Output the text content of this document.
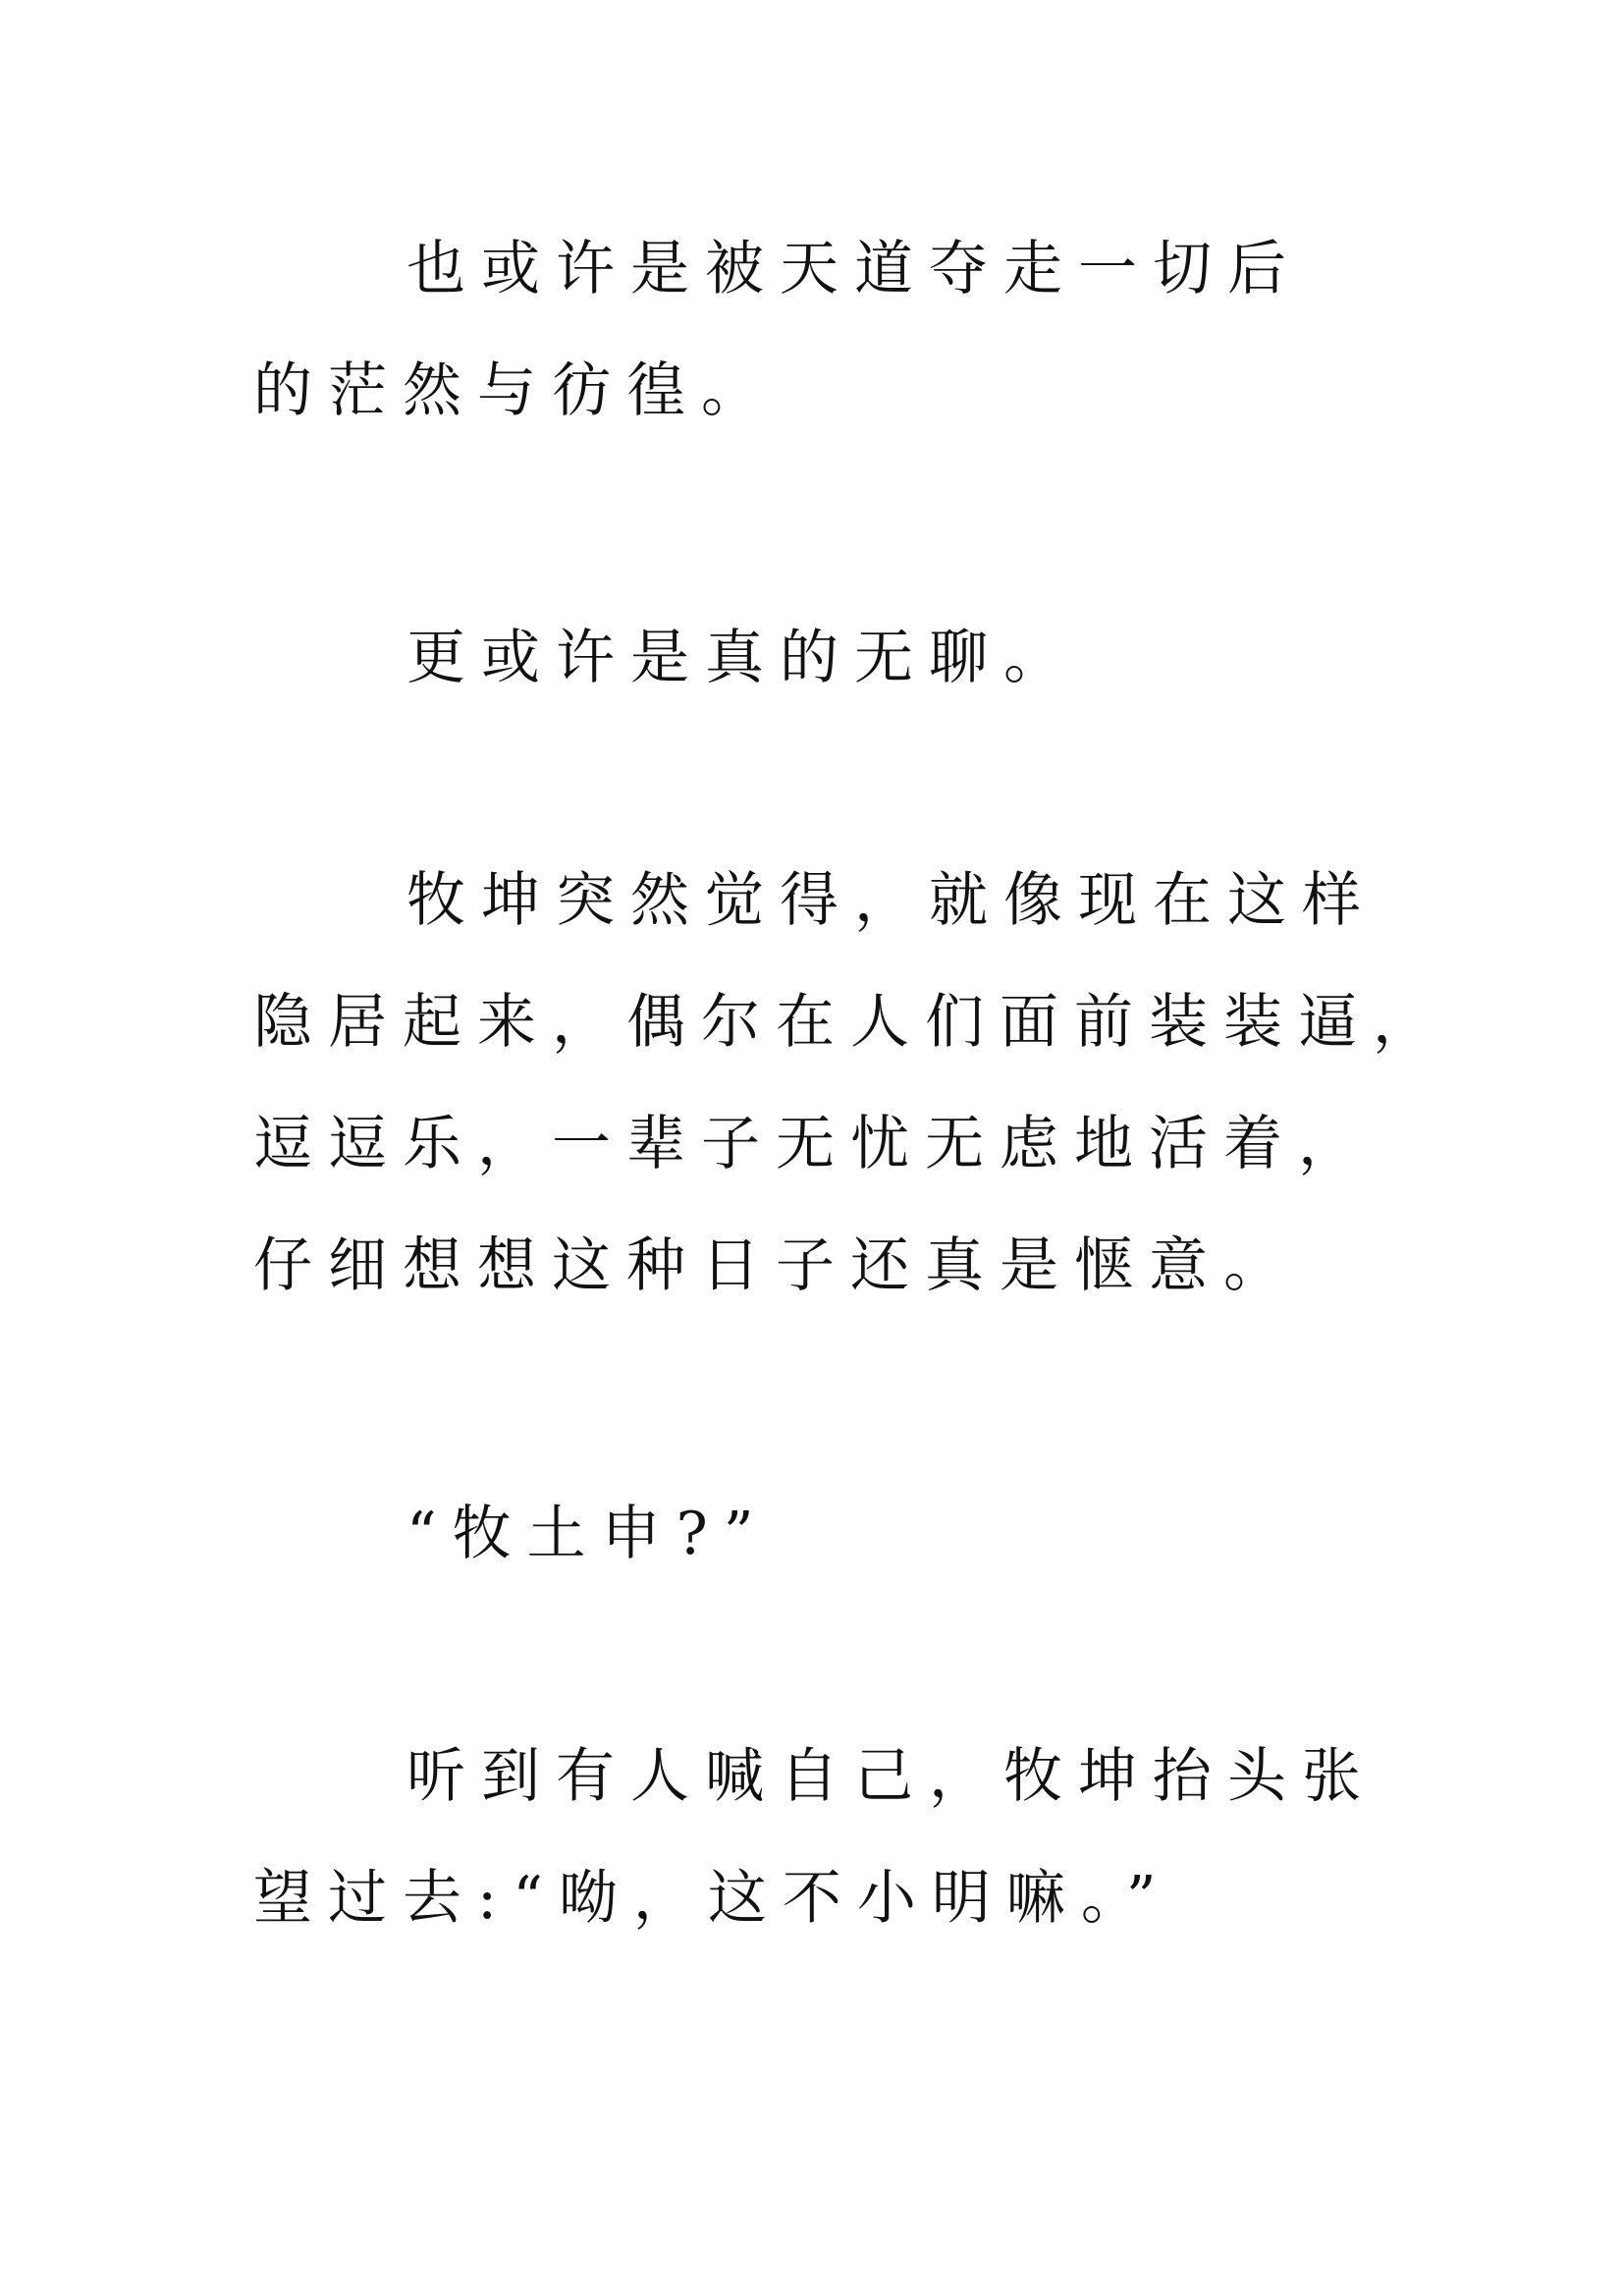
也或许是被天道夺走一切后
的茫然与彷徨。
更或许是真的无聊。
牧坤突然觉得，就像现在这样
隐居起来，偶尔在人们面前装装逼，
逗逗乐，一辈子无忧无虑地活着，
仔细想想这种日子还真是惬意。
“牧土申?”
听到有人喊自己，牧坤抬头张
望过去:“呦，这不小明嘛。”
